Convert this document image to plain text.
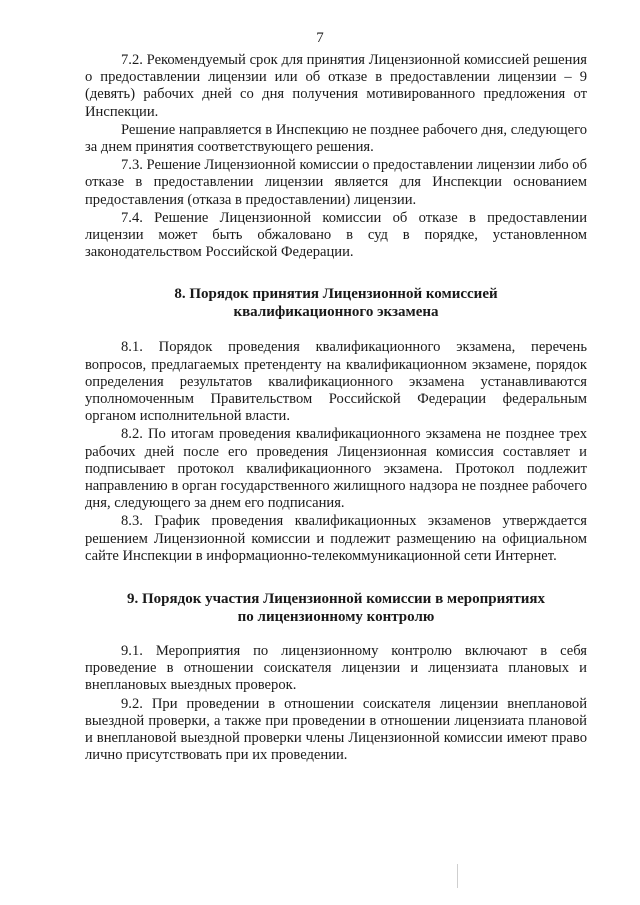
7

7.2. Рекомендуемый срок для принятия Лицензионной комиссией решения о предоставлении лицензии или об отказе в предоставлении лицензии – 9 (девять) рабочих дней со дня получения мотивированного предложения от Инспекции.

Решение направляется в Инспекцию не позднее рабочего дня, следующего за днем принятия соответствующего решения.

7.3. Решение Лицензионной комиссии о предоставлении лицензии либо об отказе в предоставлении лицензии является для Инспекции основанием предоставления (отказа в предоставлении) лицензии.

7.4. Решение Лицензионной комиссии об отказе в предоставлении лицензии может быть обжаловано в суд в порядке, установленном законодательством Российской Федерации.

8. Порядок принятия Лицензионной комиссией
квалификационного экзамена

8.1. Порядок проведения квалификационного экзамена, перечень вопросов, предлагаемых претенденту на квалификационном экзамене, порядок определения результатов квалификационного экзамена устанавливаются уполномоченным Правительством Российской Федерации федеральным органом исполнительной власти.

8.2. По итогам проведения квалификационного экзамена не позднее трех рабочих дней после его проведения Лицензионная комиссия составляет и подписывает протокол квалификационного экзамена. Протокол подлежит направлению в орган государственного жилищного надзора не позднее рабочего дня, следующего за днем его подписания.

8.3. График проведения квалификационных экзаменов утверждается решением Лицензионной комиссии и подлежит размещению на официальном сайте Инспекции в информационно-телекоммуникационной сети Интернет.

9. Порядок участия Лицензионной комиссии в мероприятиях
по лицензионному контролю

9.1. Мероприятия по лицензионному контролю включают в себя проведение в отношении соискателя лицензии и лицензиата плановых и внеплановых выездных проверок.

9.2. При проведении в отношении соискателя лицензии внеплановой выездной проверки, а также при проведении в отношении лицензиата плановой и внеплановой выездной проверки члены Лицензионной комиссии имеют право лично присутствовать при их проведении.
